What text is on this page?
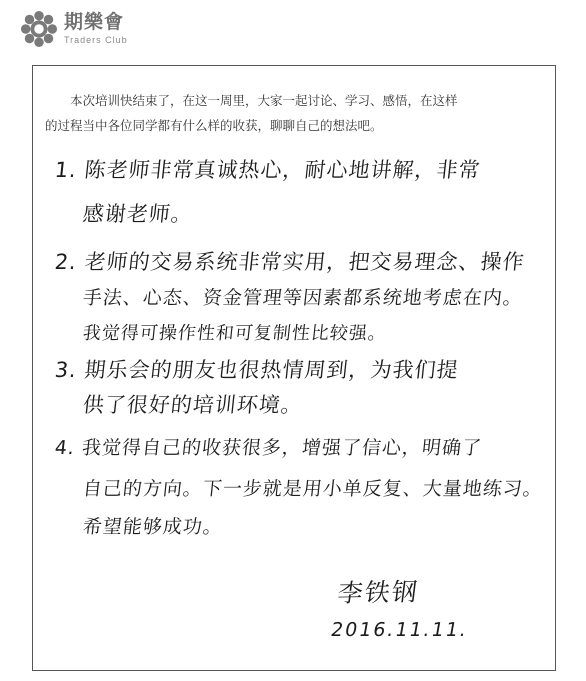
期樂會
Traders Club

本次培训快结束了，在这一周里，大家一起讨论、学习、感悟，在这样

的过程当中各位同学都有什么样的收获，聊聊自己的想法吧。
1. 陈老师非常真诚热心，耐心地讲解，非常
感谢老师。
2. 老师的交易系统非常实用，把交易理念、操作
手法、心态、资金管理等因素都系统地考虑在内。
我觉得可操作性和可复制性比较强。
3. 期乐会的朋友也很热情周到，为我们提
供了很好的培训环境。
4. 我觉得自己的收获很多，增强了信心，明确了
自己的方向。下一步就是用小单反复、大量地练习。
希望能够成功。
李铁钢
2016.11.11.
